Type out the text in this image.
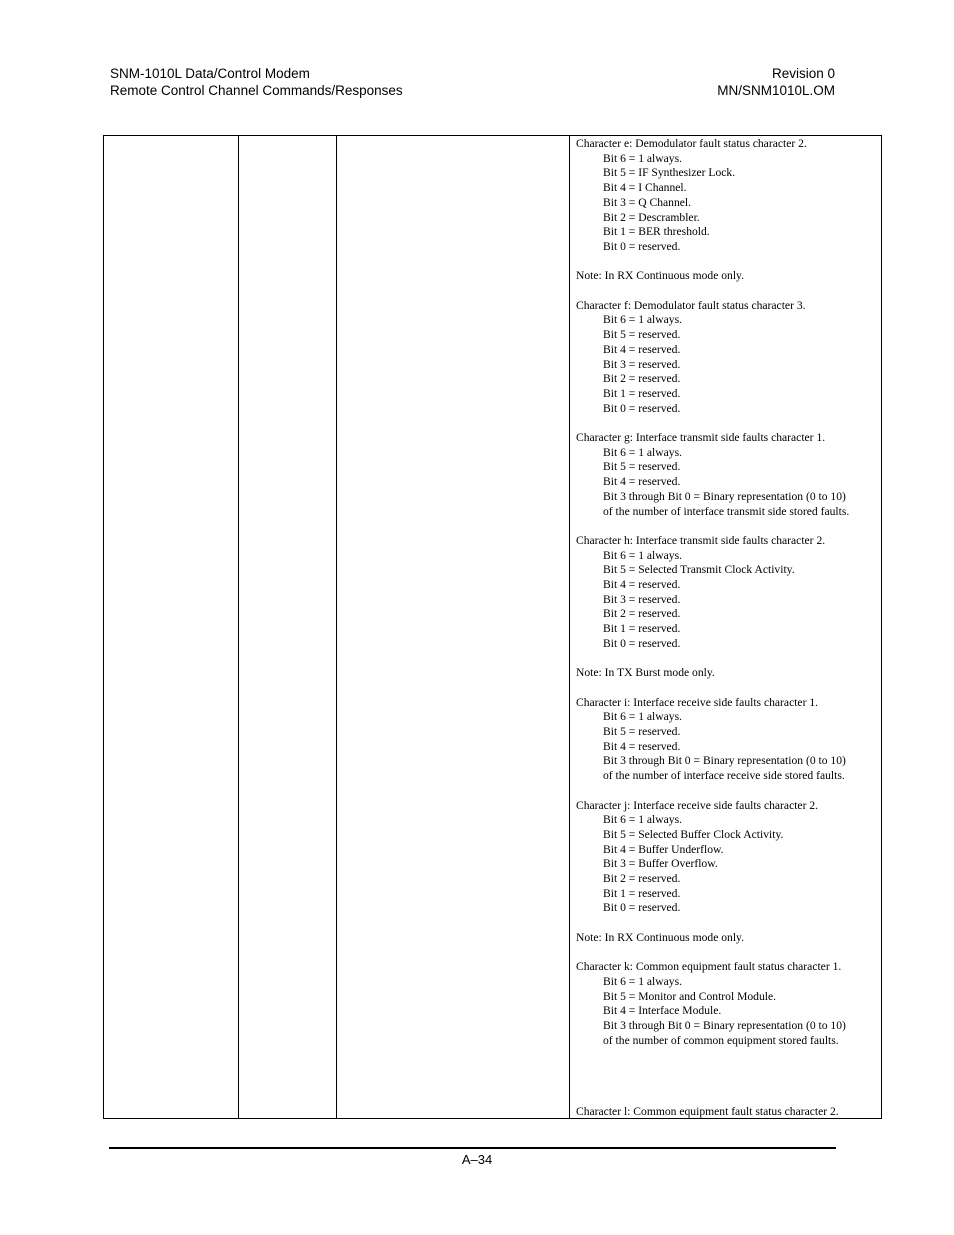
SNM-1010L Data/Control Modem
Remote Control Channel Commands/Responses
Revision 0
MN/SNM1010L.OM
Character e: Demodulator fault status character 2.
Bit 6 = 1 always.
Bit 5 = IF Synthesizer Lock.
Bit 4 = I Channel.
Bit 3 = Q Channel.
Bit 2 = Descrambler.
Bit 1 = BER threshold.
Bit 0 = reserved.
Note: In RX Continuous mode only.
Character f: Demodulator fault status character 3.
Bit 6 = 1 always.
Bit 5 = reserved.
Bit 4 = reserved.
Bit 3 = reserved.
Bit 2 = reserved.
Bit 1 = reserved.
Bit 0 = reserved.
Character g: Interface transmit side faults character 1.
Bit 6 = 1 always.
Bit 5 = reserved.
Bit 4 = reserved.
Bit 3 through Bit 0 = Binary representation (0 to 10)
of the number of interface transmit side stored faults.
Character h: Interface transmit side faults character 2.
Bit 6 = 1 always.
Bit 5 = Selected Transmit Clock Activity.
Bit 4 = reserved.
Bit 3 = reserved.
Bit 2 = reserved.
Bit 1 = reserved.
Bit 0 = reserved.
Note: In TX Burst mode only.
Character i: Interface receive side faults character 1.
Bit 6 = 1 always.
Bit 5 = reserved.
Bit 4 = reserved.
Bit 3 through Bit 0 = Binary representation (0 to 10)
of the number of interface receive side stored faults.
Character j: Interface receive side faults character 2.
Bit 6 = 1 always.
Bit 5 = Selected Buffer Clock Activity.
Bit 4 = Buffer Underflow.
Bit 3 = Buffer Overflow.
Bit 2 = reserved.
Bit 1 = reserved.
Bit 0 = reserved.
Note: In RX Continuous mode only.
Character k: Common equipment fault status character 1.
Bit 6 = 1 always.
Bit 5 = Monitor and Control Module.
Bit 4 = Interface Module.
Bit 3 through Bit 0 = Binary representation (0 to 10)
of the number of common equipment stored faults.
Character l: Common equipment fault status character 2.
A–34
